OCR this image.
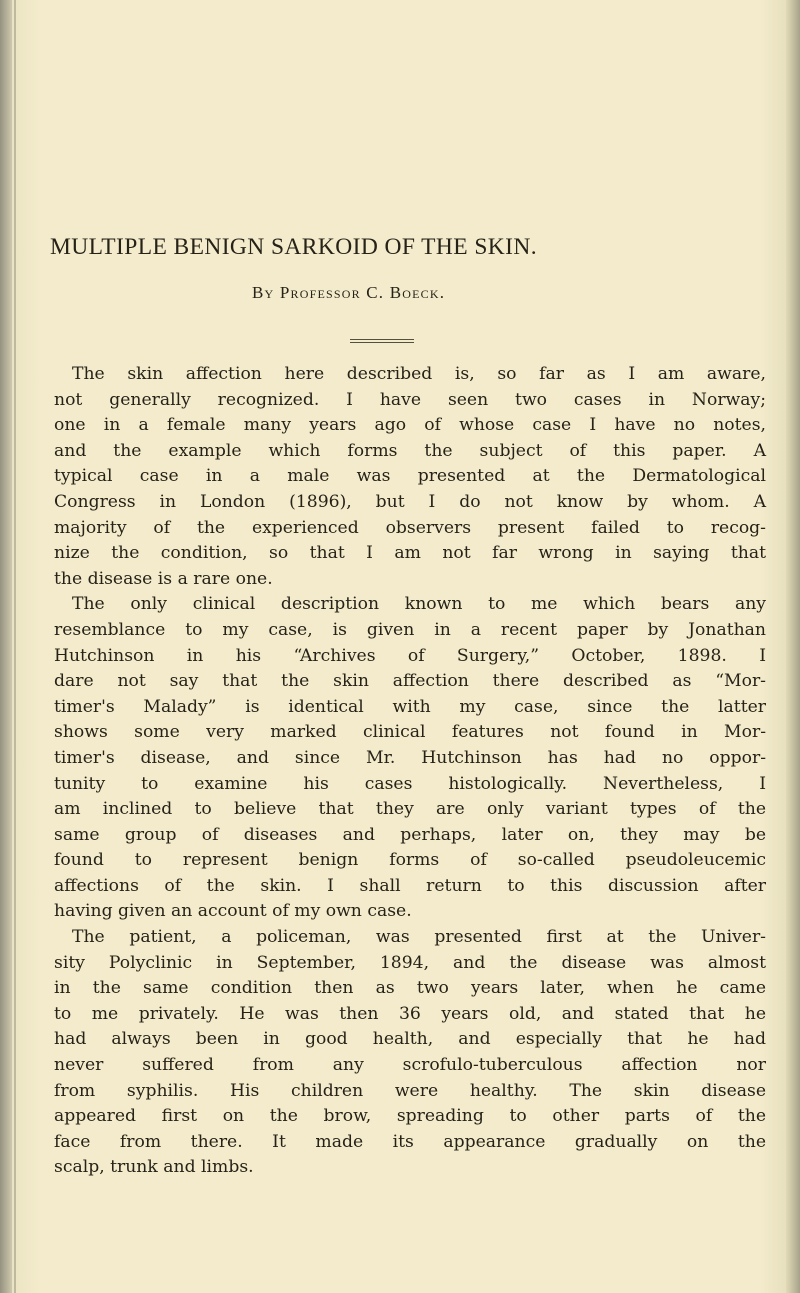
MULTIPLE BENIGN SARKOID OF THE SKIN.
By Professor C. Boeck.
The skin affection here described is, so far as I am aware,
not generally recognized. I have seen two cases in Norway;
one in a female many years ago of whose case I have no notes,
and the example which forms the subject of this paper. A
typical case in a male was presented at the Dermatological
Congress in London (1896), but I do not know by whom. A
majority of the experienced observers present failed to recog-
nize the condition, so that I am not far wrong in saying that
the disease is a rare one.
The only clinical description known to me which bears any
resemblance to my case, is given in a recent paper by Jonathan
Hutchinson in his “Archives of Surgery,” October, 1898. I
dare not say that the skin affection there described as “Mor-
timer's Malady” is identical with my case, since the latter
shows some very marked clinical features not found in Mor-
timer's disease, and since Mr. Hutchinson has had no oppor-
tunity to examine his cases histologically. Nevertheless, I
am inclined to believe that they are only variant types of the
same group of diseases and perhaps, later on, they may be
found to represent benign forms of so-called pseudoleucemic
affections of the skin. I shall return to this discussion after
having given an account of my own case.
The patient, a policeman, was presented first at the Univer-
sity Polyclinic in September, 1894, and the disease was almost
in the same condition then as two years later, when he came
to me privately. He was then 36 years old, and stated that he
had always been in good health, and especially that he had
never suffered from any scrofulo-tuberculous affection nor
from syphilis. His children were healthy. The skin disease
appeared first on the brow, spreading to other parts of the
face from there. It made its appearance gradually on the
scalp, trunk and limbs.
